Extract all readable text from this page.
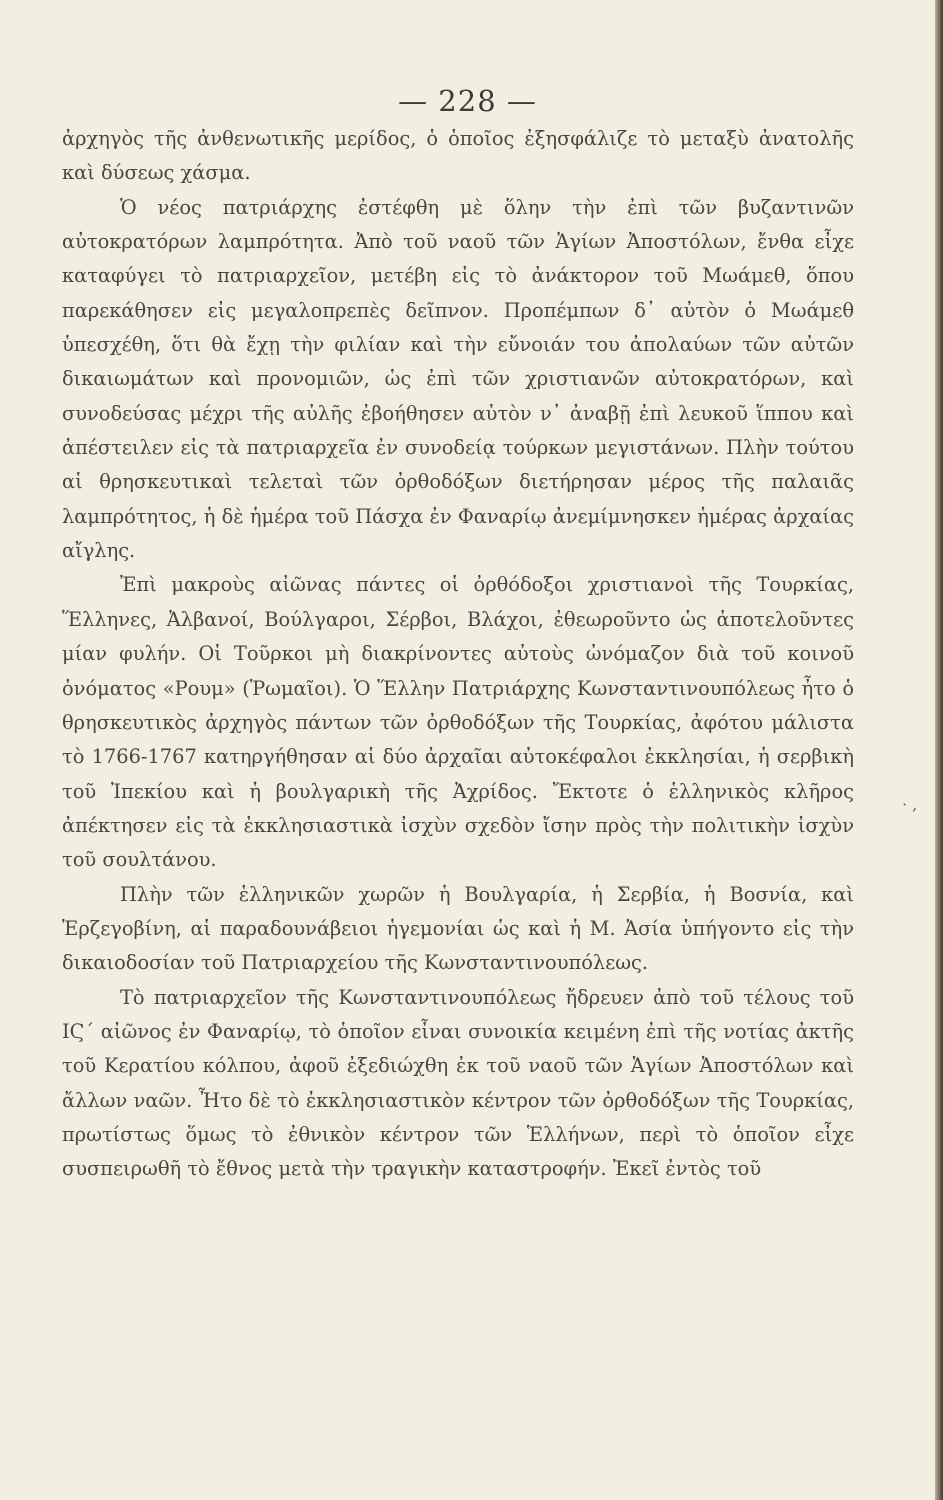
— 228 —

ἀρχηγὸς τῆς ἀνθενωτικῆς μερίδος, ὁ ὁποῖος ἐξησφάλιζε τὸ μεταξὺ ἀνατολῆς καὶ δύσεως χάσμα.

Ὁ νέος πατριάρχης ἐστέφθη μὲ ὅλην τὴν ἐπὶ τῶν βυζαντινῶν αὐτοκρατόρων λαμπρότητα. Ἀπὸ τοῦ ναοῦ τῶν Ἁγίων Ἀποστόλων, ἔνθα εἶχε καταφύγει τὸ πατριαρχεῖον, μετέβη εἰς τὸ ἀνάκτορον τοῦ Μωάμεθ, ὅπου παρεκάθησεν εἰς μεγαλοπρεπὲς δεῖπνον. Προπέμπων δ᾽ αὐτὸν ὁ Μωάμεθ ὑπεσχέθη, ὅτι θὰ ἔχῃ τὴν φιλίαν καὶ τὴν εὔνοιάν του ἀπολαύων τῶν αὐτῶν δικαιωμάτων καὶ προνομιῶν, ὡς ἐπὶ τῶν χριστιανῶν αὐτοκρατόρων, καὶ συνοδεύσας μέχρι τῆς αὐλῆς ἐβοήθησεν αὐτὸν ν᾽ ἀναβῇ ἐπὶ λευκοῦ ἵππου καὶ ἀπέστειλεν εἰς τὰ πατριαρχεῖα ἐν συνοδείᾳ τούρκων μεγιστάνων. Πλὴν τούτου αἱ θρησκευτικαὶ τελεταὶ τῶν ὀρθοδόξων διετήρησαν μέρος τῆς παλαιᾶς λαμπρότητος, ἡ δὲ ἡμέρα τοῦ Πάσχα ἐν Φαναρίῳ ἀνεμίμνησκεν ἡμέρας ἀρχαίας αἴγλης.

Ἐπὶ μακροὺς αἰῶνας πάντες οἱ ὀρθόδοξοι χριστιανοὶ τῆς Τουρκίας, Ἕλληνες, Ἀλβανοί, Βούλγαροι, Σέρβοι, Βλάχοι, ἐθεωροῦντο ὡς ἀποτελοῦντες μίαν φυλήν. Οἱ Τοῦρκοι μὴ διακρίνοντες αὐτοὺς ὠνόμαζον διὰ τοῦ κοινοῦ ὀνόματος «Ρουμ» (Ῥωμαῖοι). Ὁ Ἕλλην Πατριάρχης Κωνσταντινουπόλεως ἦτο ὁ θρησκευτικὸς ἀρχηγὸς πάντων τῶν ὀρθοδόξων τῆς Τουρκίας, ἀφότου μάλιστα τὸ 1766-1767 κατηργήθησαν αἱ δύο ἀρχαῖαι αὐτοκέφαλοι ἐκκλησίαι, ἡ σερβικὴ τοῦ Ἰπεκίου καὶ ἡ βουλγαρικὴ τῆς Ἀχρίδος. Ἔκτοτε ὁ ἑλληνικὸς κλῆρος ἀπέκτησεν εἰς τὰ ἐκκλησιαστικὰ ἰσχὺν σχεδὸν ἴσην πρὸς τὴν πολιτικὴν ἰσχὺν τοῦ σουλτάνου.

Πλὴν τῶν ἑλληνικῶν χωρῶν ἡ Βουλγαρία, ἡ Σερβία, ἡ Βοσνία, καὶ Ἑρζεγοβίνη, αἱ παραδουνάβειοι ἡγεμονίαι ὡς καὶ ἡ Μ. Ἀσία ὑπήγοντο εἰς τὴν δικαιοδοσίαν τοῦ Πατριαρχείου τῆς Κωνσταντινουπόλεως.

Τὸ πατριαρχεῖον τῆς Κωνσταντινουπόλεως ἤδρευεν ἀπὸ τοῦ τέλους τοῦ ΙϚ´ αἰῶνος ἐν Φαναρίῳ, τὸ ὁποῖον εἶναι συνοικία κειμένη ἐπὶ τῆς νοτίας ἀκτῆς τοῦ Κερατίου κόλπου, ἀφοῦ ἐξεδιώχθη ἐκ τοῦ ναοῦ τῶν Ἁγίων Ἀποστόλων καὶ ἄλλων ναῶν. Ἦτο δὲ τὸ ἐκκλησιαστικὸν κέντρον τῶν ὀρθοδόξων τῆς Τουρκίας, πρωτίστως ὅμως τὸ ἐθνικὸν κέντρον τῶν Ἑλλήνων, περὶ τὸ ὁποῖον εἶχε συσπειρωθῆ τὸ ἔθνος μετὰ τὴν τραγικὴν καταστροφήν. Ἐκεῖ ἐντὸς τοῦ

· ,
